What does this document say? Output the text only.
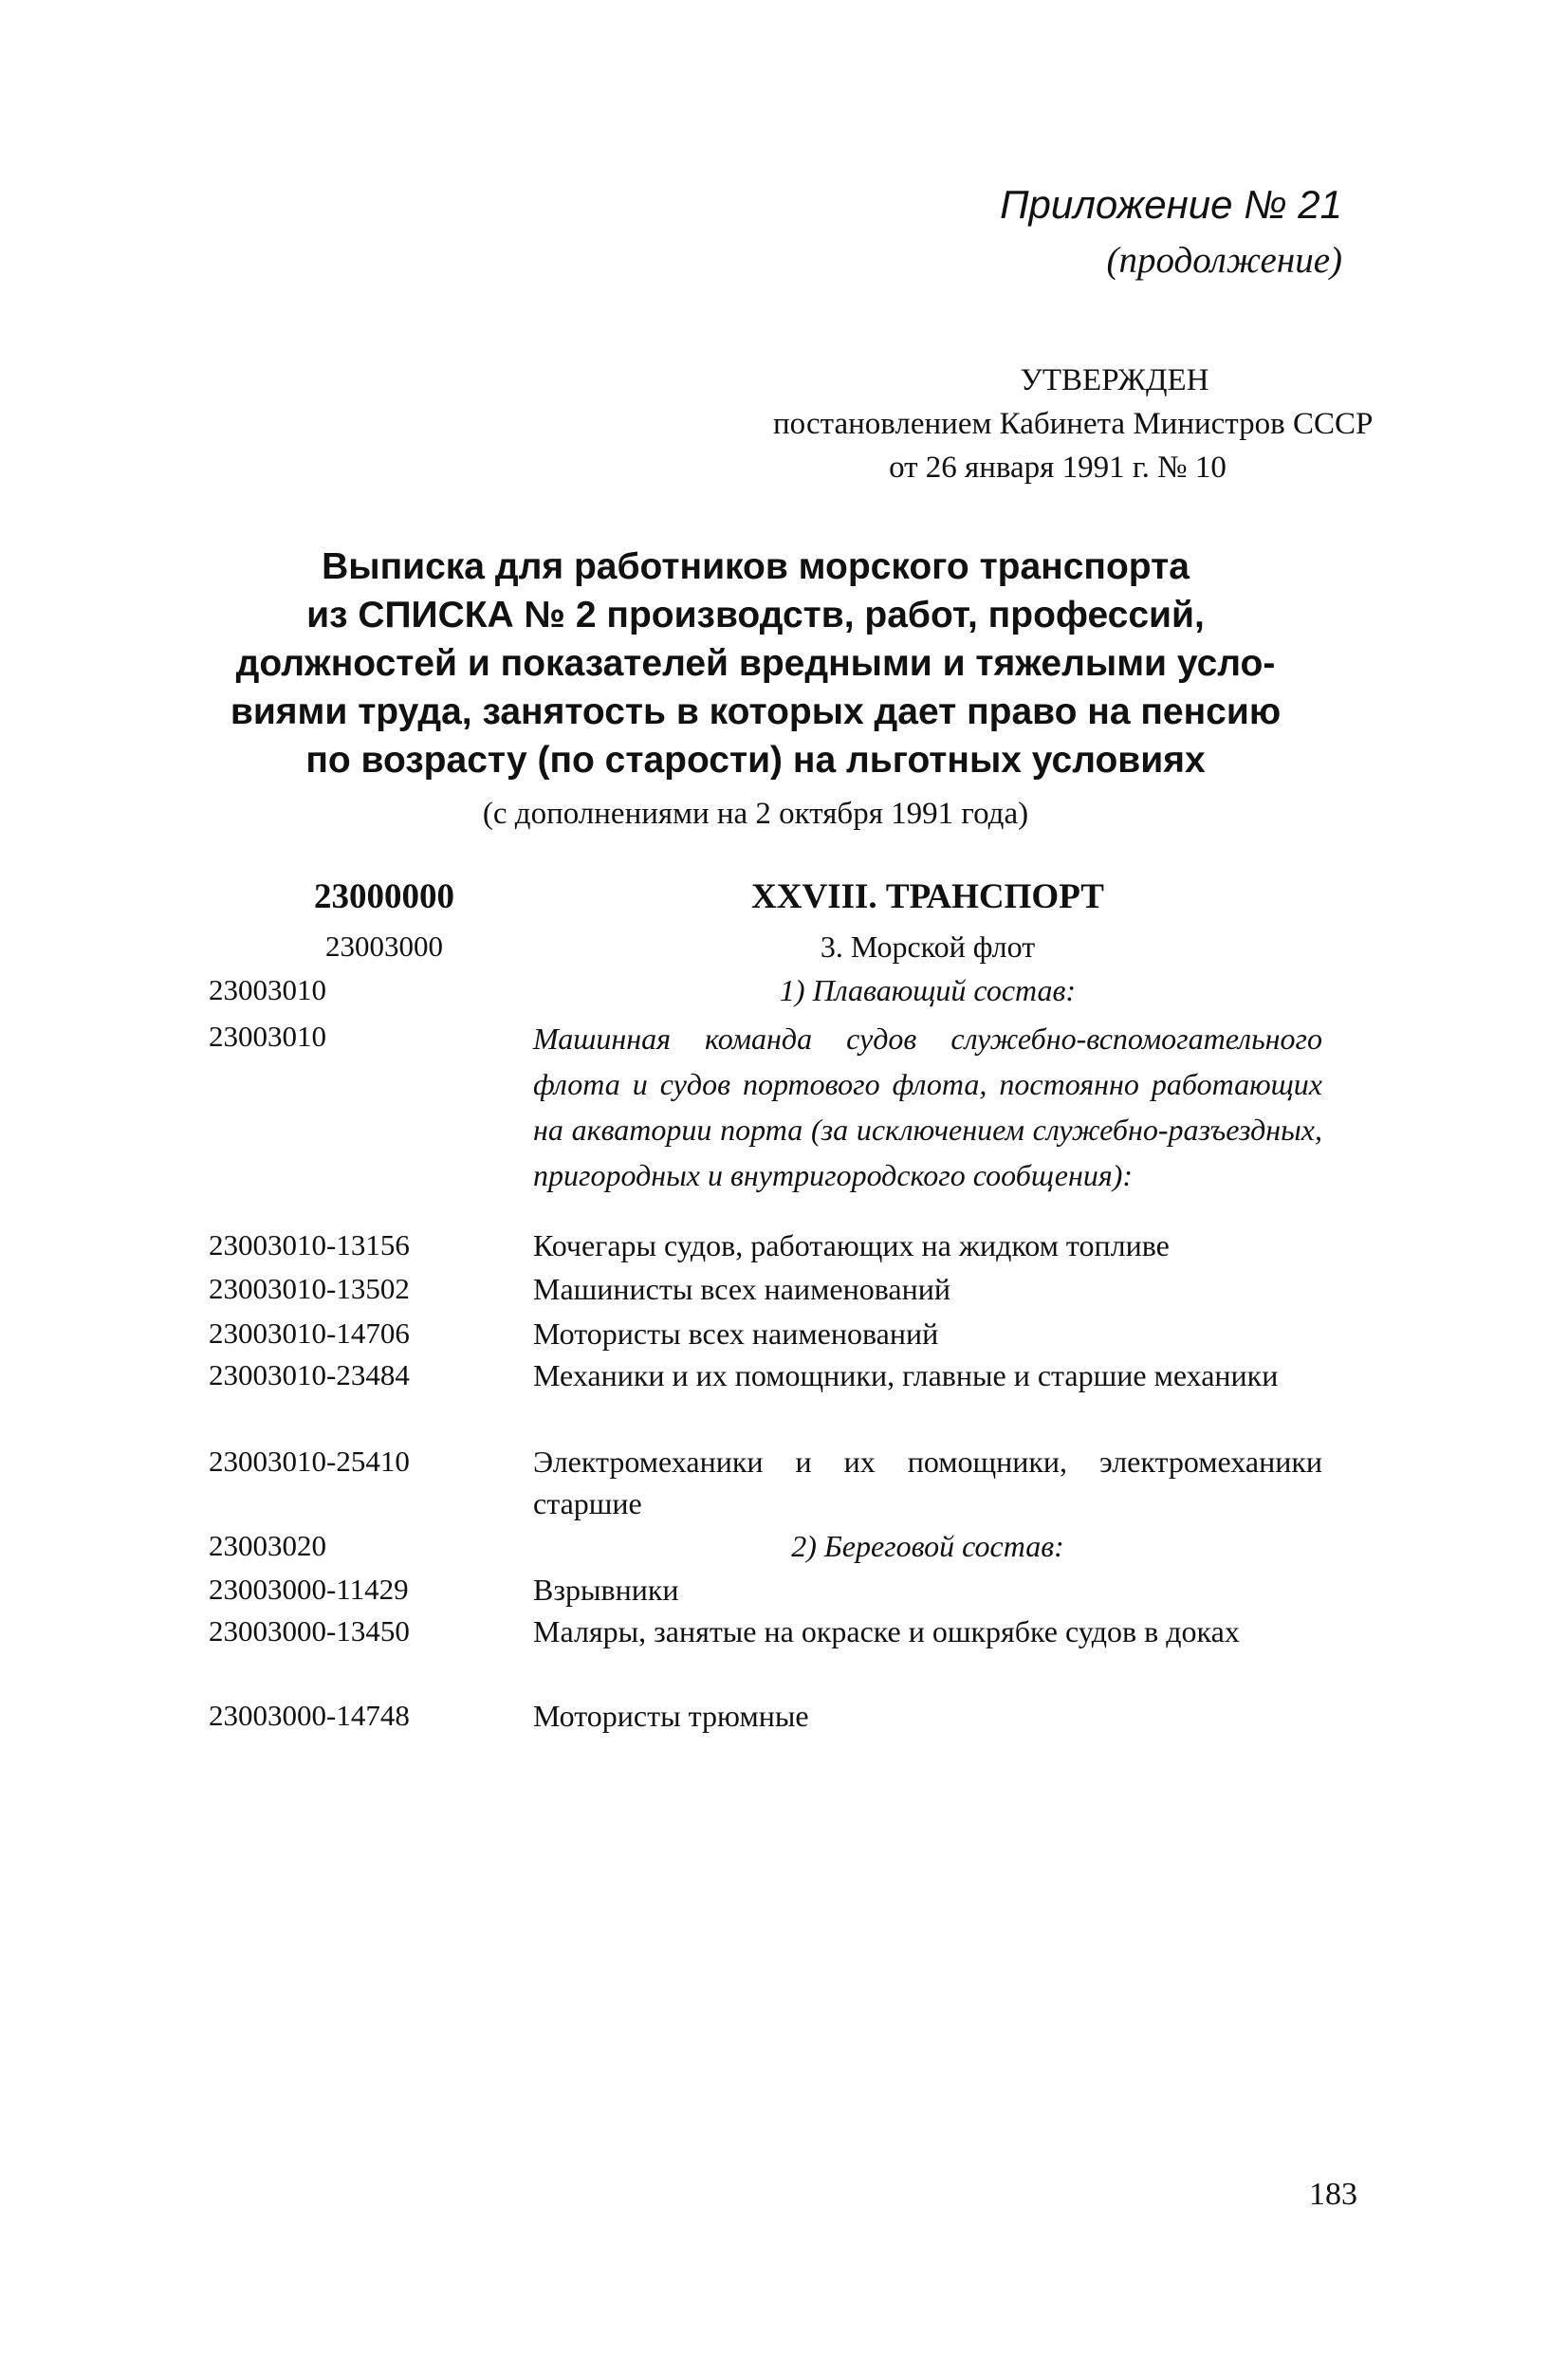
Приложение № 21
(продолжение)
УТВЕРЖДЕН
постановлением Кабинета Министров СССР
от 26 января 1991 г. № 10
Выписка для работников морского транспорта
из СПИСКА № 2 производств, работ, профессий,
должностей и показателей вредными и тяжелыми усло-
виями труда, занятость в которых дает право на пенсию
по возрасту (по старости) на льготных условиях
(с дополнениями на 2 октября 1991 года)
23000000	XXVIII. ТРАНСПОРТ
23003000	3. Морской флот
23003010	1) Плавающий состав:
23003010	Машинная команда судов служебно-вспомогательного флота и судов портового флота, постоянно работающих на акватории порта (за исключением служебно-разъездных, пригородных и внутригородского сообщения):
23003010-13156	Кочегары судов, работающих на жидком топливе
23003010-13502	Машинисты всех наименований
23003010-14706	Мотористы всех наименований
23003010-23484	Механики и их помощники, главные и старшие механики
23003010-25410	Электромеханики и их помощники, электромеханики старшие
23003020	2) Береговой состав:
23003000-11429	Взрывники
23003000-13450	Маляры, занятые на окраске и ошкрябке судов в доках
23003000-14748	Мотористы трюмные
183
